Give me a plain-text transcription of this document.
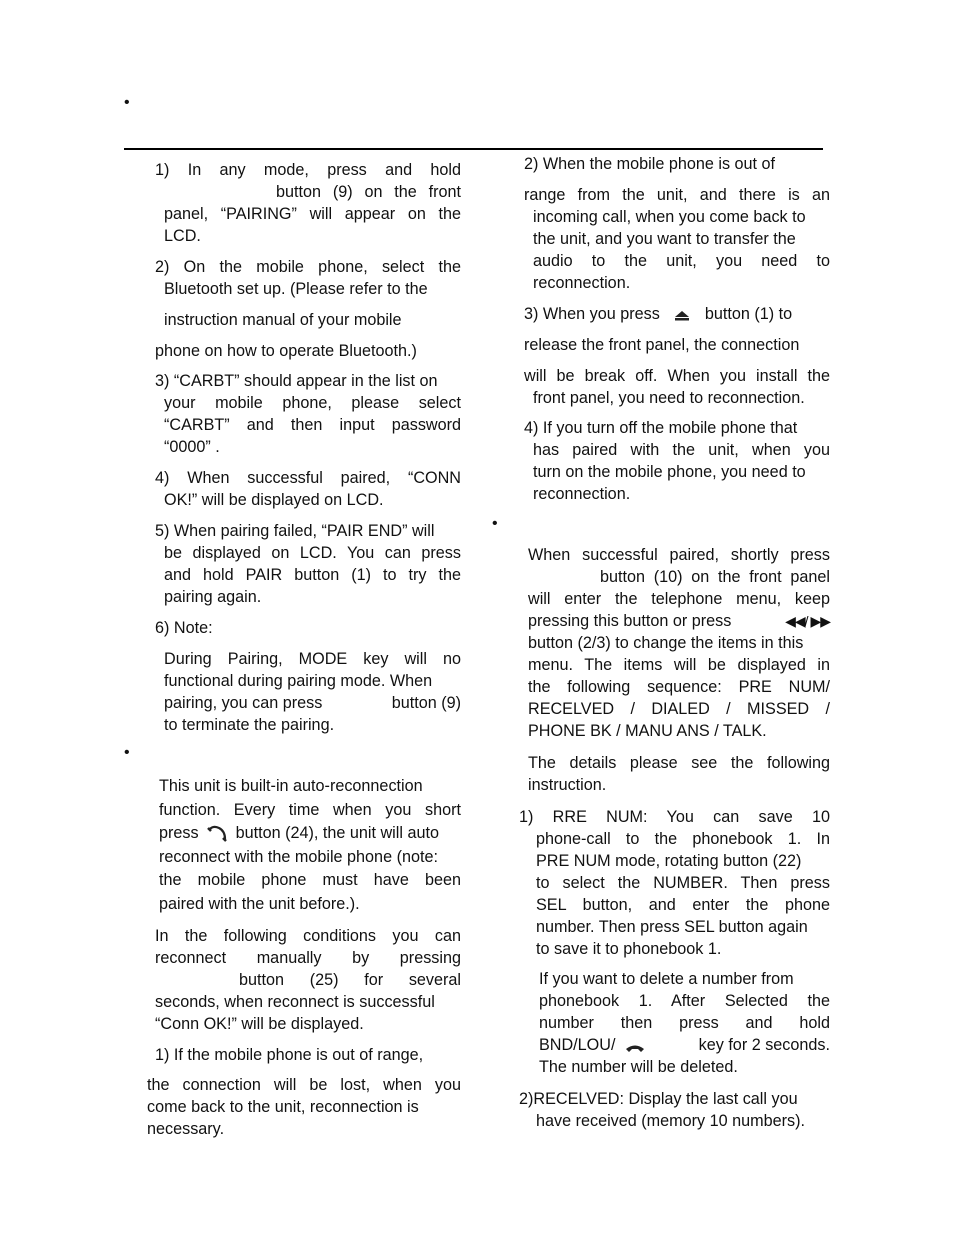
•
•
•

1) In any mode, press and hold

button (9) on the front

panel, “PAIRING” will appear on the

LCD.

2) On the mobile phone, select the

Bluetooth set up. (Please refer to the

instruction manual of your mobile

phone on how to operate Bluetooth.)

3) “CARBT” should appear in the list on

your mobile phone, please select

“CARBT” and then input password

“0000” .

4) When successful paired, “CONN

OK!” will be displayed on LCD.

5) When pairing failed, “PAIR END” will

be displayed on LCD. You can press

and hold PAIR button (1) to try the

pairing again.

6) Note:

During Pairing, MODE key will no

functional during pairing mode. When

pairing, you can press	button (9)

to terminate the pairing.

This unit is built-in auto-reconnection

function. Every time when you short

press button (24), the unit will auto

reconnect with the mobile phone (note:

the mobile phone must have been

paired with the unit before.).

In the following conditions you can

reconnect manually by pressing

button (25) for several

seconds, when reconnect is successful

“Conn OK!” will be displayed.

1) If the mobile phone is out of range,

the connection will be lost, when you

come back to the unit, reconnection is

necessary.

2) When the mobile phone is out of

range from the unit, and there is an

incoming call, when you come back to

the unit, and you want to transfer the

audio to the unit, you need to

reconnection.

3) When you press	button (1) to

release the front panel, the connection

will be break off. When you install the

front panel, you need to reconnection.

4) If you turn off the mobile phone that

has paired with the unit, when you

turn on the mobile phone, you need to

reconnection.

When successful paired, shortly press

button (10) on the front panel

will enter the telephone menu, keep

pressing this button or press	◀◀/ ▶▶

button (2/3) to change the items in this

menu. The items will be displayed in

the following sequence: PRE NUM/

RECELVED / DIALED / MISSED /

PHONE BK / MANU ANS / TALK.

The details please see the following

instruction.

1) RRE NUM: You can save 10

phone-call to the phonebook 1. In

PRE NUM mode, rotating button (22)

to select the NUMBER. Then press

SEL button, and enter the phone

number. Then press SEL button again

to save it to phonebook 1.

If you want to delete a number from

phonebook 1. After Selected the

number then press and hold

BND/LOU/	key for 2 seconds.

The number will be deleted.

2)RECELVED: Display the last call you

have received (memory 10 numbers).
